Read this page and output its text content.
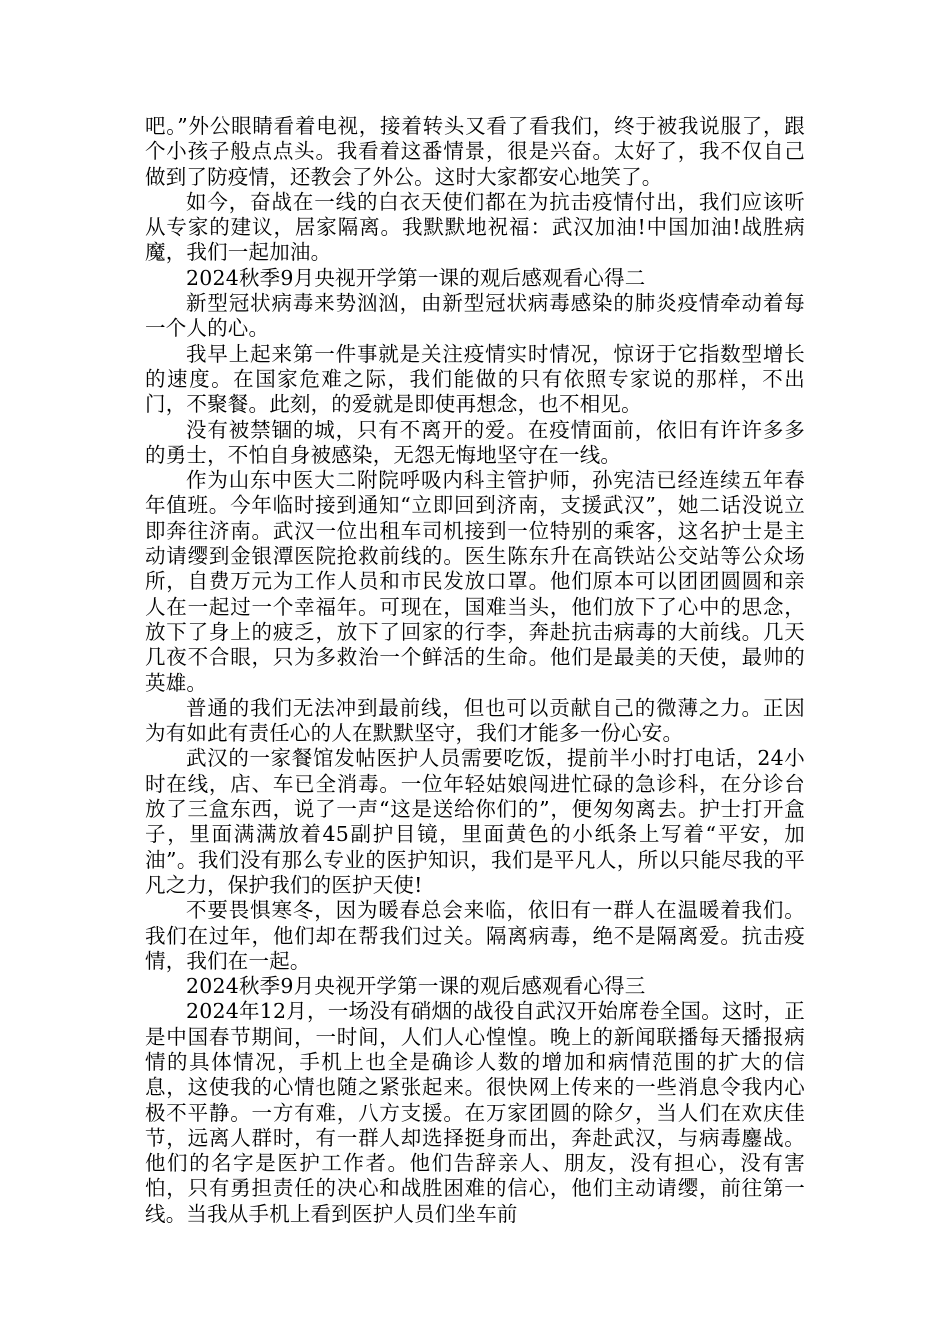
吧。”外公眼睛看着电视，接着转头又看了看我们，终于被我说服了，跟个小孩子般点点头。我看着这番情景，很是兴奋。太好了，我不仅自己做到了防疫情，还教会了外公。这时大家都安心地笑了。

如今，奋战在一线的白衣天使们都在为抗击疫情付出，我们应该听从专家的建议，居家隔离。我默默地祝福：武汉加油!中国加油!战胜病魔，我们一起加油。

2024秋季9月央视开学第一课的观后感观看心得二

新型冠状病毒来势汹汹，由新型冠状病毒感染的肺炎疫情牵动着每一个人的心。

我早上起来第一件事就是关注疫情实时情况，惊讶于它指数型增长的速度。在国家危难之际，我们能做的只有依照专家说的那样，不出门，不聚餐。此刻，的爱就是即使再想念，也不相见。

没有被禁锢的城，只有不离开的爱。在疫情面前，依旧有许许多多的勇士，不怕自身被感染，无怨无悔地坚守在一线。

作为山东中医大二附院呼吸内科主管护师，孙宪洁已经连续五年春年值班。今年临时接到通知“立即回到济南，支援武汉”，她二话没说立即奔往济南。武汉一位出租车司机接到一位特别的乘客，这名护士是主动请缨到金银潭医院抢救前线的。医生陈东升在高铁站公交站等公众场所，自费万元为工作人员和市民发放口罩。他们原本可以团团圆圆和亲人在一起过一个幸福年。可现在，国难当头，他们放下了心中的思念，放下了身上的疲乏，放下了回家的行李，奔赴抗击病毒的大前线。几天几夜不合眼，只为多救治一个鲜活的生命。他们是最美的天使，最帅的英雄。

普通的我们无法冲到最前线，但也可以贡献自己的微薄之力。正因为有如此有责任心的人在默默坚守，我们才能多一份心安。

武汉的一家餐馆发帖医护人员需要吃饭，提前半小时打电话，24小时在线，店、车已全消毒。一位年轻姑娘闯进忙碌的急诊科，在分诊台放了三盒东西，说了一声“这是送给你们的”，便匆匆离去。护士打开盒子，里面满满放着45副护目镜，里面黄色的小纸条上写着“平安，加油”。我们没有那么专业的医护知识，我们是平凡人，所以只能尽我的平凡之力，保护我们的医护天使!

不要畏惧寒冬，因为暖春总会来临，依旧有一群人在温暖着我们。我们在过年，他们却在帮我们过关。隔离病毒，绝不是隔离爱。抗击疫情，我们在一起。

2024秋季9月央视开学第一课的观后感观看心得三

2024年12月，一场没有硝烟的战役自武汉开始席卷全国。这时，正是中国春节期间，一时间，人们人心惶惶。晚上的新闻联播每天播报病情的具体情况，手机上也全是确诊人数的增加和病情范围的扩大的信息，这使我的心情也随之紧张起来。很快网上传来的一些消息令我内心极不平静。一方有难，八方支援。在万家团圆的除夕，当人们在欢庆佳节，远离人群时，有一群人却选择挺身而出，奔赴武汉，与病毒鏖战。他们的名字是医护工作者。他们告辞亲人、朋友，没有担心，没有害怕，只有勇担责任的决心和战胜困难的信心，他们主动请缨，前往第一线。当我从手机上看到医护人员们坐车前
